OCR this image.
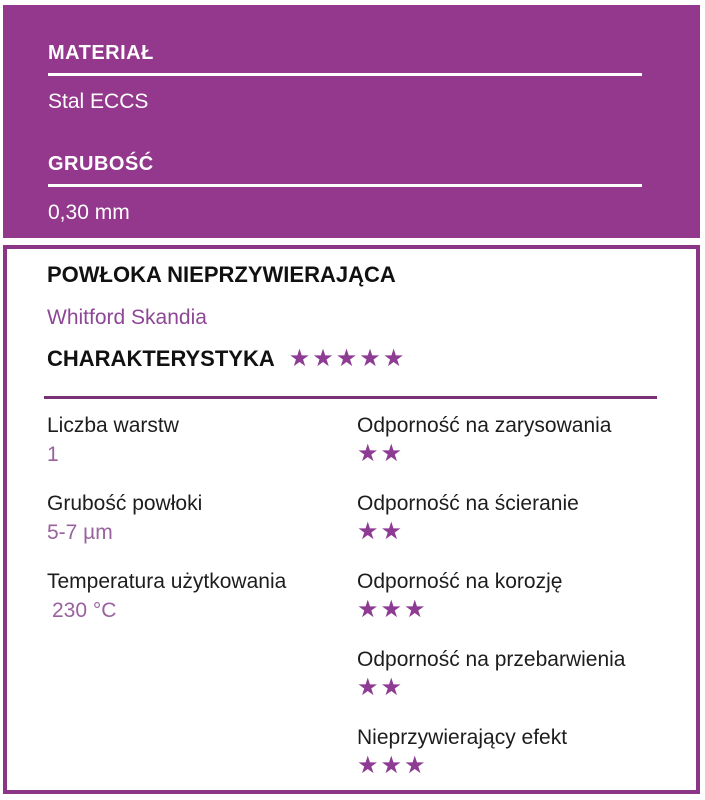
MATERIAŁ
Stal ECCS
GRUBOŚĆ
0,30 mm
POWŁOKA NIEPRZYWIERAJĄCA
Whitford Skandia
CHARAKTERYSTYKA ★★★★★
Liczba warstw
1
Grubość powłoki
5-7 µm
Temperatura użytkowania
230 °C
Odporność na zarysowania
★★
Odporność na ścieranie
★★
Odporność na korozję
★★★
Odporność na przebarwienia
★★
Nieprzywierający efekt
★★★
